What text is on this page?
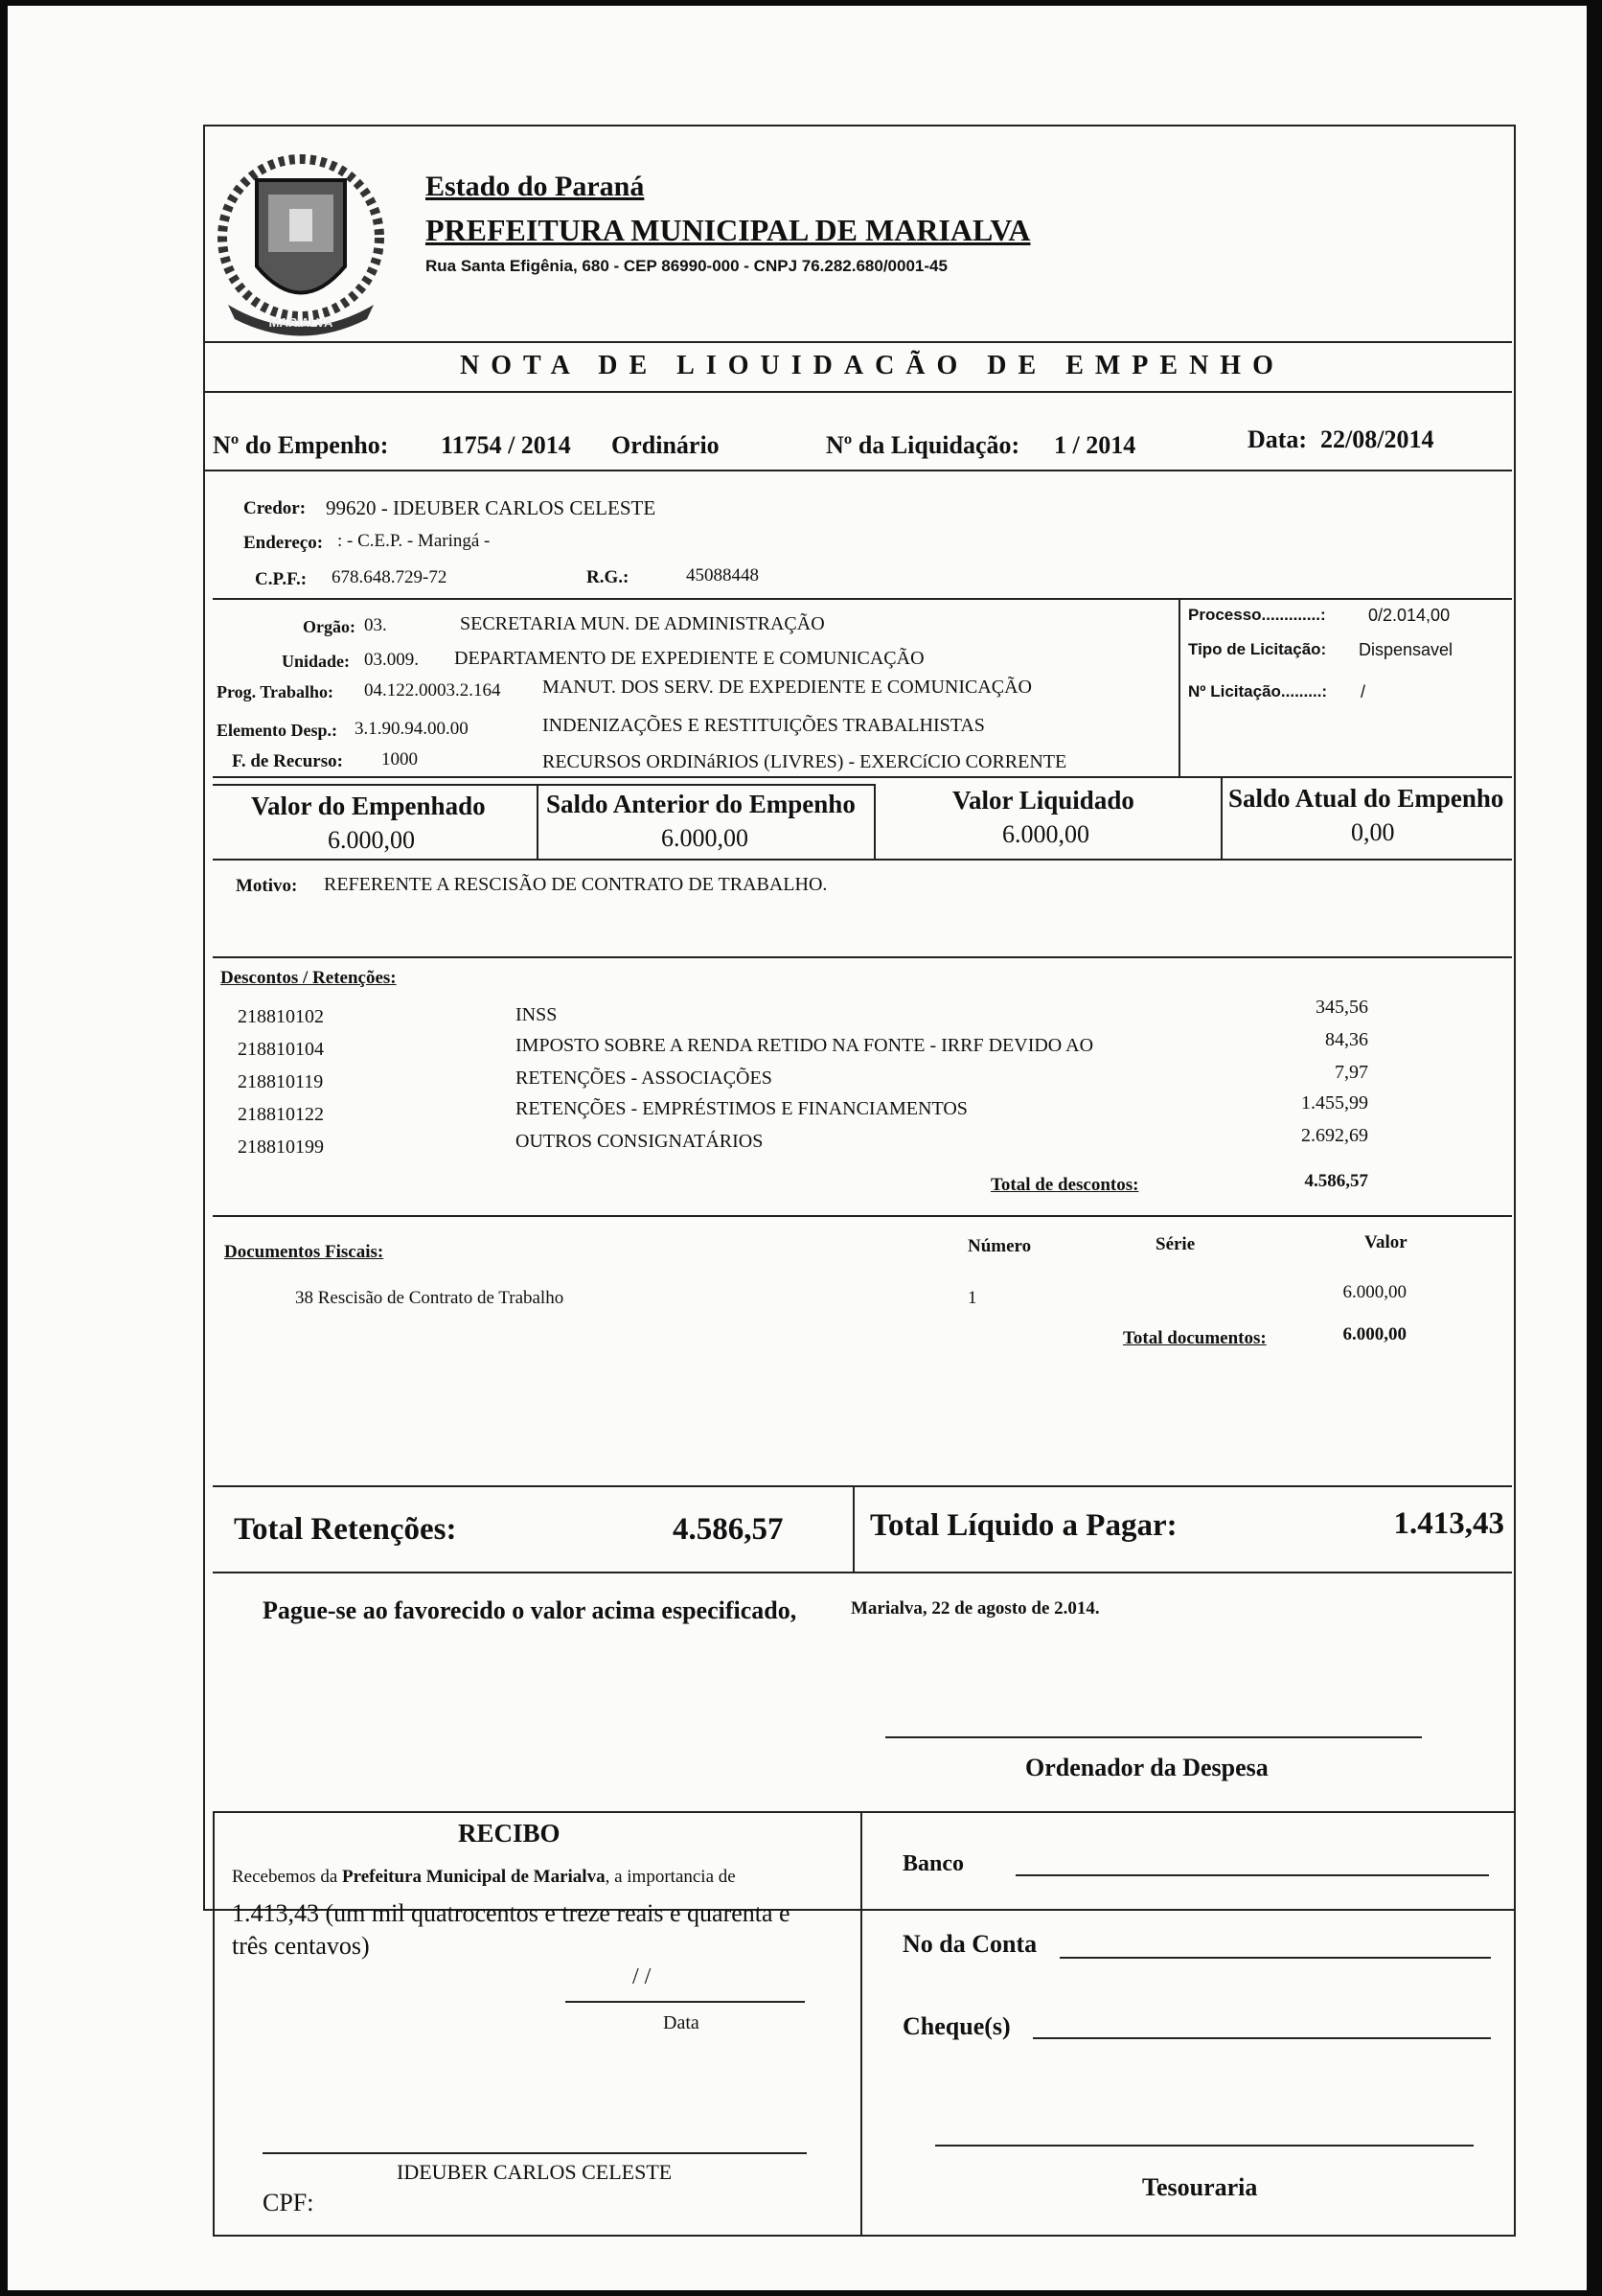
MARIALVA
Estado do Paraná
PREFEITURA MUNICIPAL DE MARIALVA
Rua Santa Efigênia, 680 - CEP 86990-000 - CNPJ 76.282.680/0001-45
NOTA DE LIOUIDACÃO DE EMPENHO
Nº do Empenho: 11754 / 2014 Ordinário	Nº da Liquidação: 1 / 2014	Data: 22/08/2014
Credor: 99620 - IDEUBER CARLOS CELESTE
Endereço: : - C.E.P. - Maringá -
C.P.F.: 678.648.729-72	R.G.:	45088448
Orgão: 03.	SECRETARIA MUN. DE ADMINISTRAÇÃO
Unidade: 03.009. DEPARTAMENTO DE EXPEDIENTE E COMUNICAÇÃO
Prog. Trabalho: 04.122.0003.2.164 MANUT. DOS SERV. DE EXPEDIENTE E COMUNICAÇÃO
Elemento Desp.: 3.1.90.94.00.00	INDENIZAÇÕES E RESTITUIÇÕES TRABALHISTAS
F. de Recurso: 1000	RECURSOS ORDINáRIOS (LIVRES) - EXERCíCIO CORRENTE
Processo.............: 0/2.014,00
Tipo de Licitação: Dispensavel
Nº Licitação.........: /
Valor do Empenhado
6.000,00
Saldo Anterior do Empenho
6.000,00
Valor Liquidado
6.000,00
Saldo Atual do Empenho
0,00
Motivo: REFERENTE A RESCISÃO DE CONTRATO DE TRABALHO.
Descontos / Retenções:
218810102	INSS	345,56
218810104	IMPOSTO SOBRE A RENDA RETIDO NA FONTE - IRRF DEVIDO AO	84,36
218810119	RETENÇÕES - ASSOCIAÇÕES	7,97
218810122	RETENÇÕES - EMPRÉSTIMOS E FINANCIAMENTOS	1.455,99
218810199	OUTROS CONSIGNATÁRIOS	2.692,69
Total de descontos:	4.586,57
Documentos Fiscais:	Número	Série	Valor
38 Rescisão de Contrato de Trabalho	1	6.000,00
Total documentos:	6.000,00
Total Retenções:	4.586,57	Total Líquido a Pagar:	1.413,43
Pague-se ao favorecido o valor acima especificado,	Marialva, 22 de agosto de 2.014.
Ordenador da Despesa
RECIBO
Recebemos da Prefeitura Municipal de Marialva, a importancia de
1.413,43 (um mil quatrocentos e treze reais e quarenta e
três centavos)
/ /
Data
Banco
No da Conta
Cheque(s)
IDEUBER CARLOS CELESTE
CPF:
Tesouraria
